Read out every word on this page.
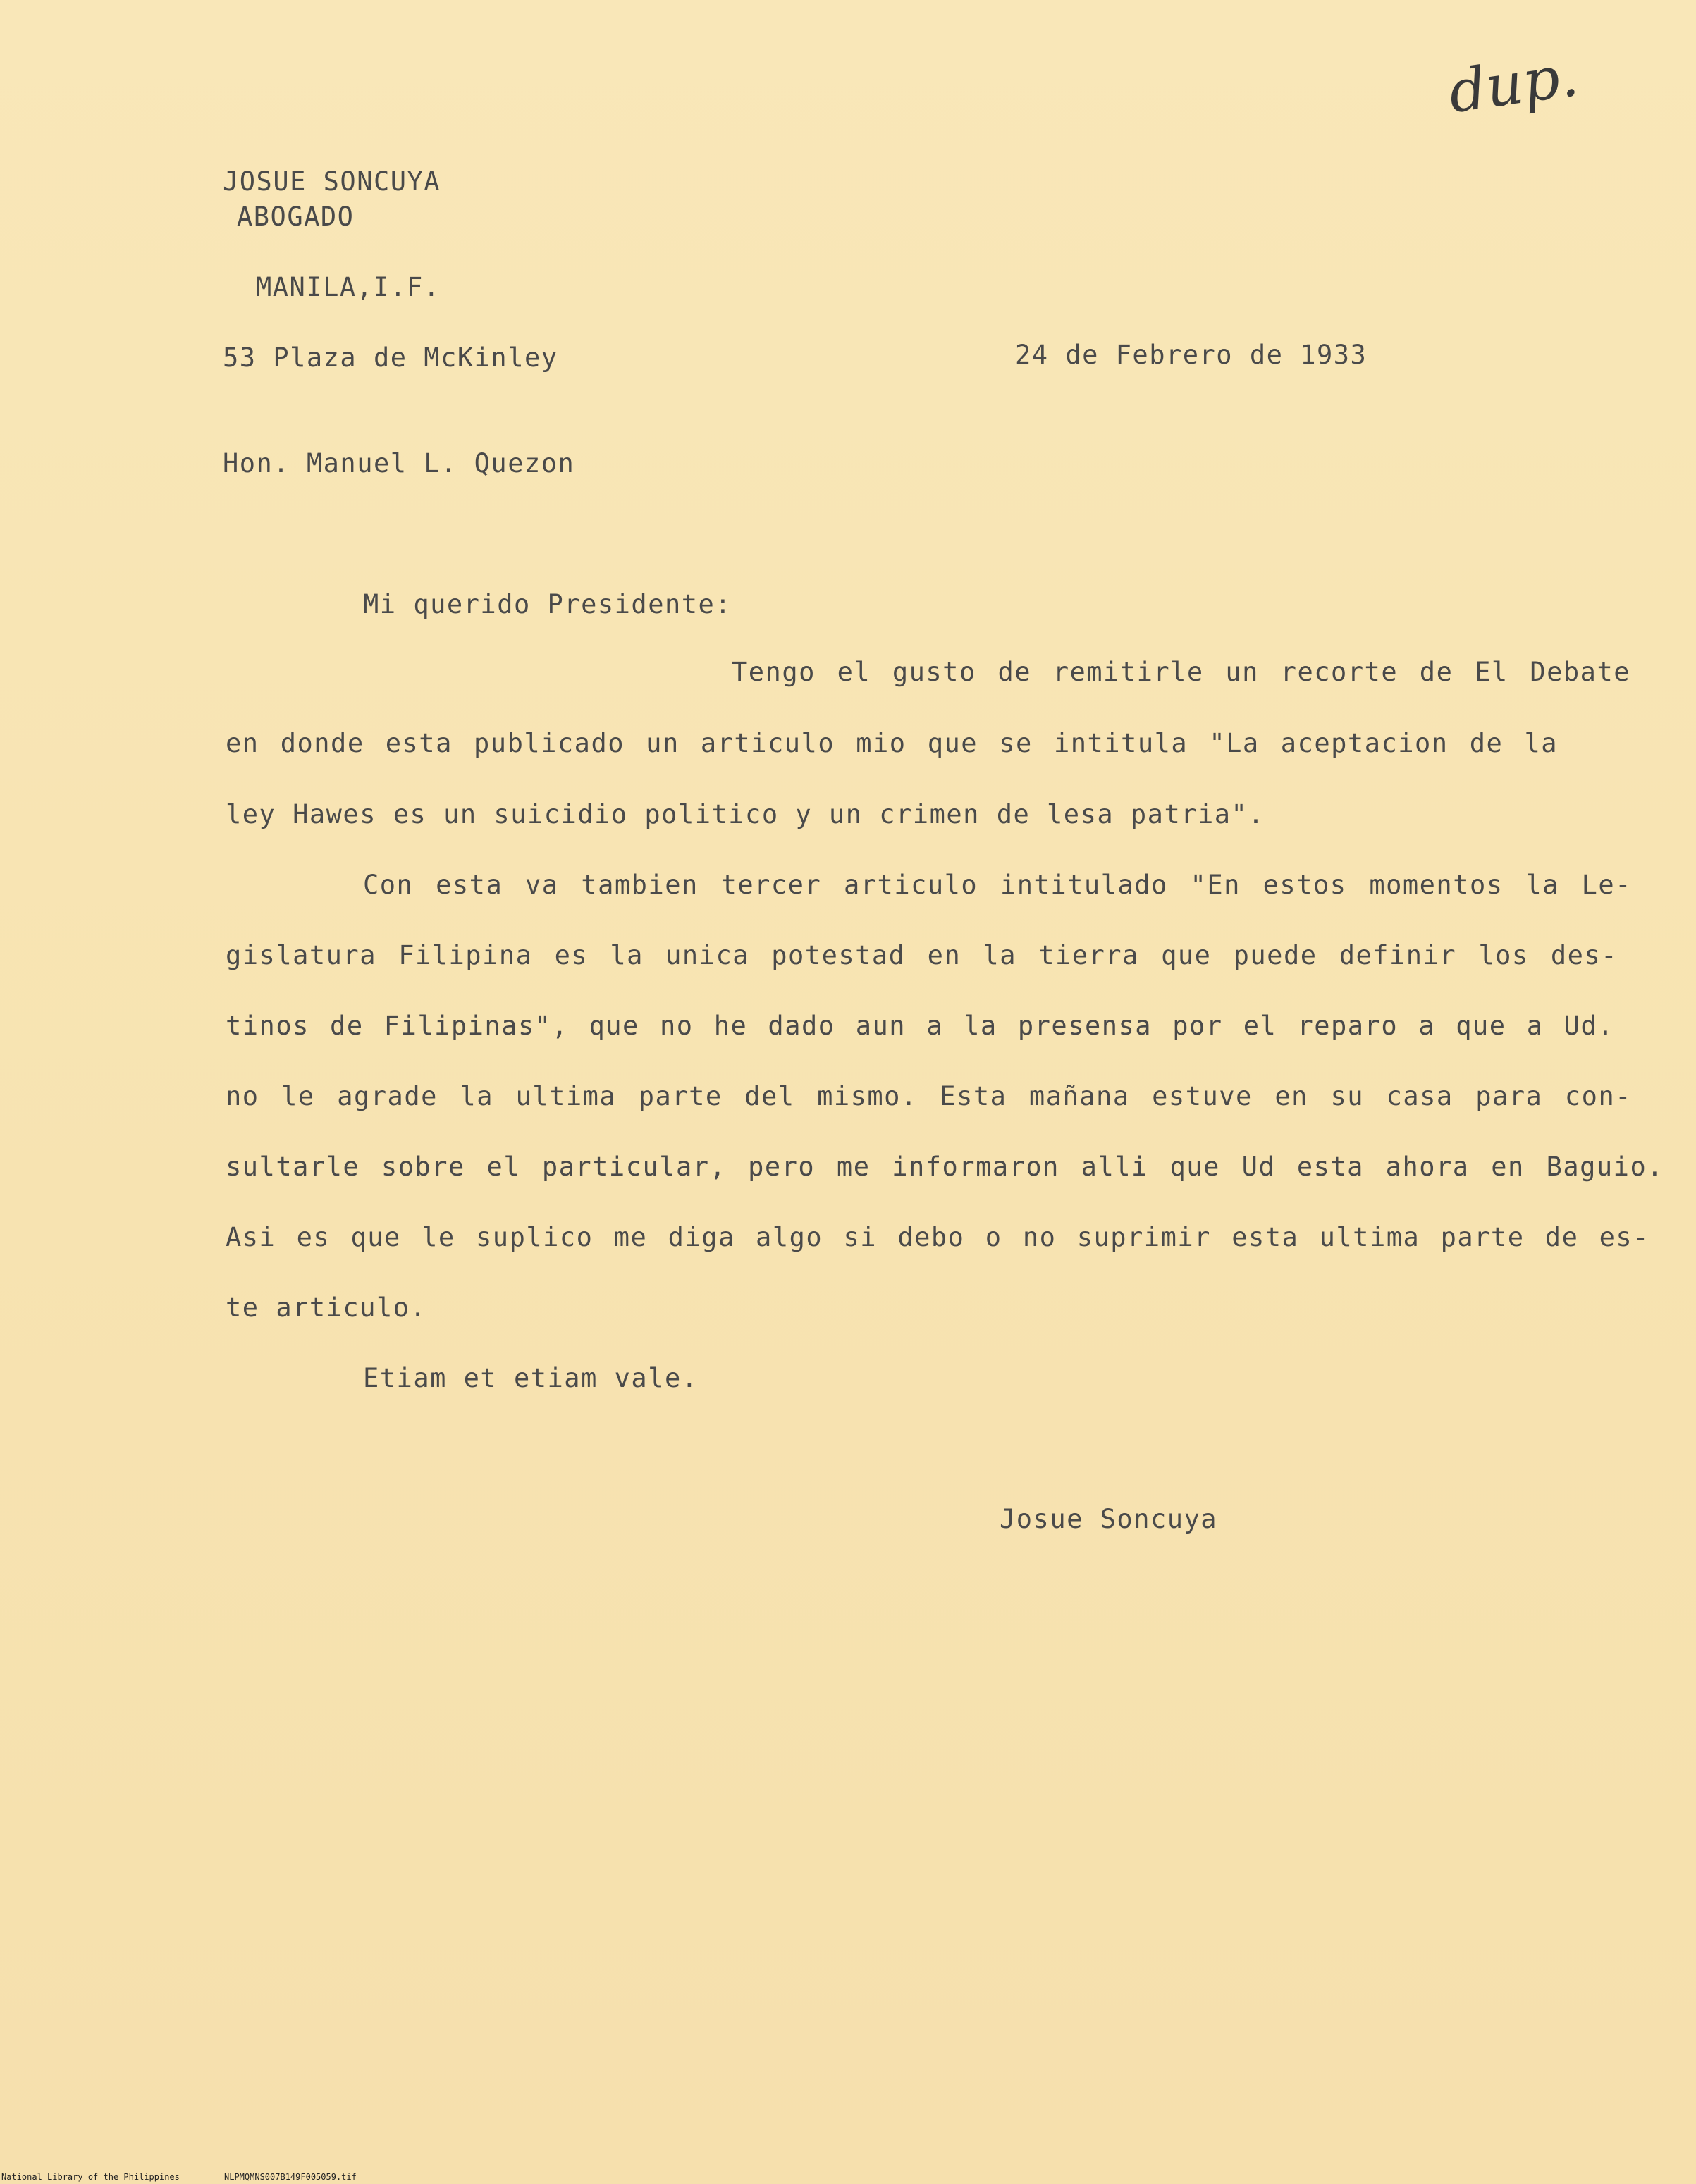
dup.
JOSUE SONCUYA
ABOGADO
MANILA,I.F.
53 Plaza de McKinley	24 de Febrero de 1933
Hon. Manuel L. Quezon
Mi querido Presidente:
Tengo el gusto de remitirle un recorte de El Debate
en donde esta publicado un articulo mio que se intitula "La aceptacion de la
ley Hawes es un suicidio politico y un crimen de lesa patria".
Con esta va tambien tercer articulo intitulado "En estos momentos la Le-
gislatura Filipina es la unica potestad en la tierra que puede definir los des-
tinos de Filipinas", que no he dado aun a la presensa por el reparo a que a Ud.
no le agrade la ultima parte del mismo. Esta mañana estuve en su casa para con-
sultarle sobre el particular, pero me informaron alli que Ud esta ahora en Baguio.
Asi es que le suplico me diga algo si debo o no suprimir esta ultima parte de es-
te articulo.
Etiam et etiam vale.
Josue Soncuya
National Library of the Philippines	NLPMQMNS007B149F005059.tif
